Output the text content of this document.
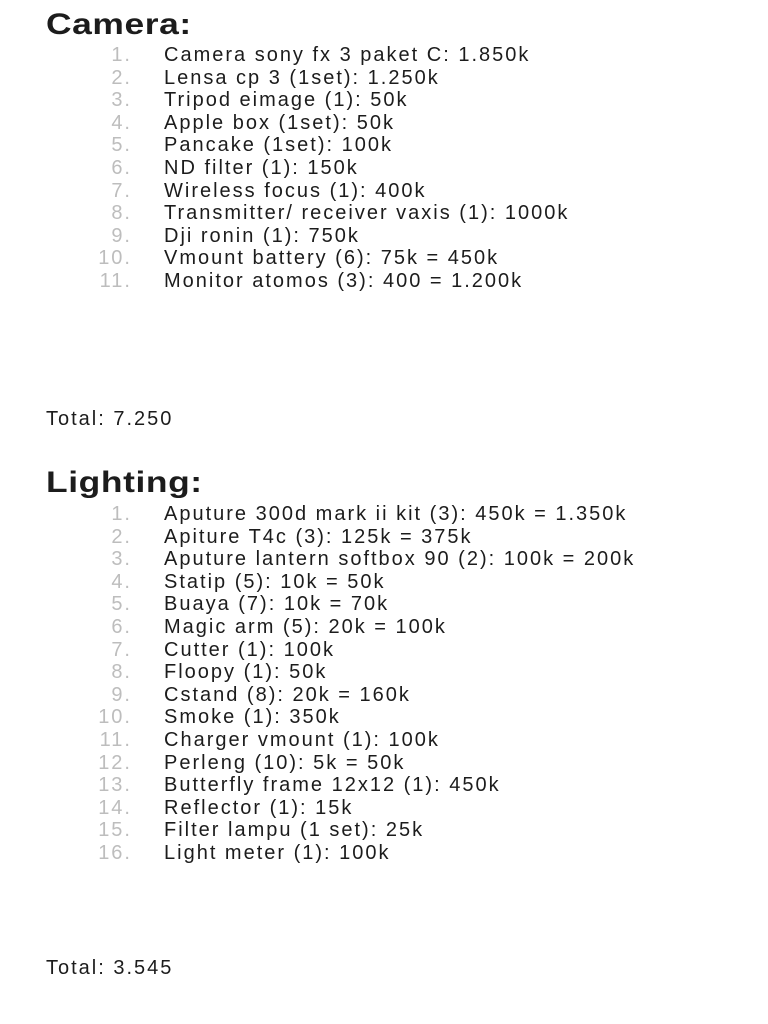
Camera:
1. Camera sony fx 3 paket C: 1.850k
2. Lensa cp 3 (1set): 1.250k
3. Tripod eimage (1): 50k
4. Apple box (1set): 50k
5. Pancake (1set): 100k
6. ND filter (1): 150k
7. Wireless focus (1): 400k
8. Transmitter/ receiver vaxis (1): 1000k
9. Dji ronin (1): 750k
10. Vmount battery (6): 75k = 450k
11. Monitor atomos (3): 400 = 1.200k

Total: 7.250

Lighting:
1. Aputure 300d mark ii kit (3): 450k = 1.350k
2. Apiture T4c (3): 125k = 375k
3. Aputure lantern softbox 90 (2): 100k = 200k
4. Statip (5): 10k = 50k
5. Buaya (7): 10k = 70k
6. Magic arm (5): 20k = 100k
7. Cutter (1): 100k
8. Floopy (1): 50k
9. Cstand (8): 20k = 160k
10. Smoke (1): 350k
11. Charger vmount (1): 100k
12. Perleng (10): 5k = 50k
13. Butterfly frame 12x12 (1): 450k
14. Reflector (1): 15k
15. Filter lampu (1 set): 25k
16. Light meter (1): 100k

Total: 3.545
